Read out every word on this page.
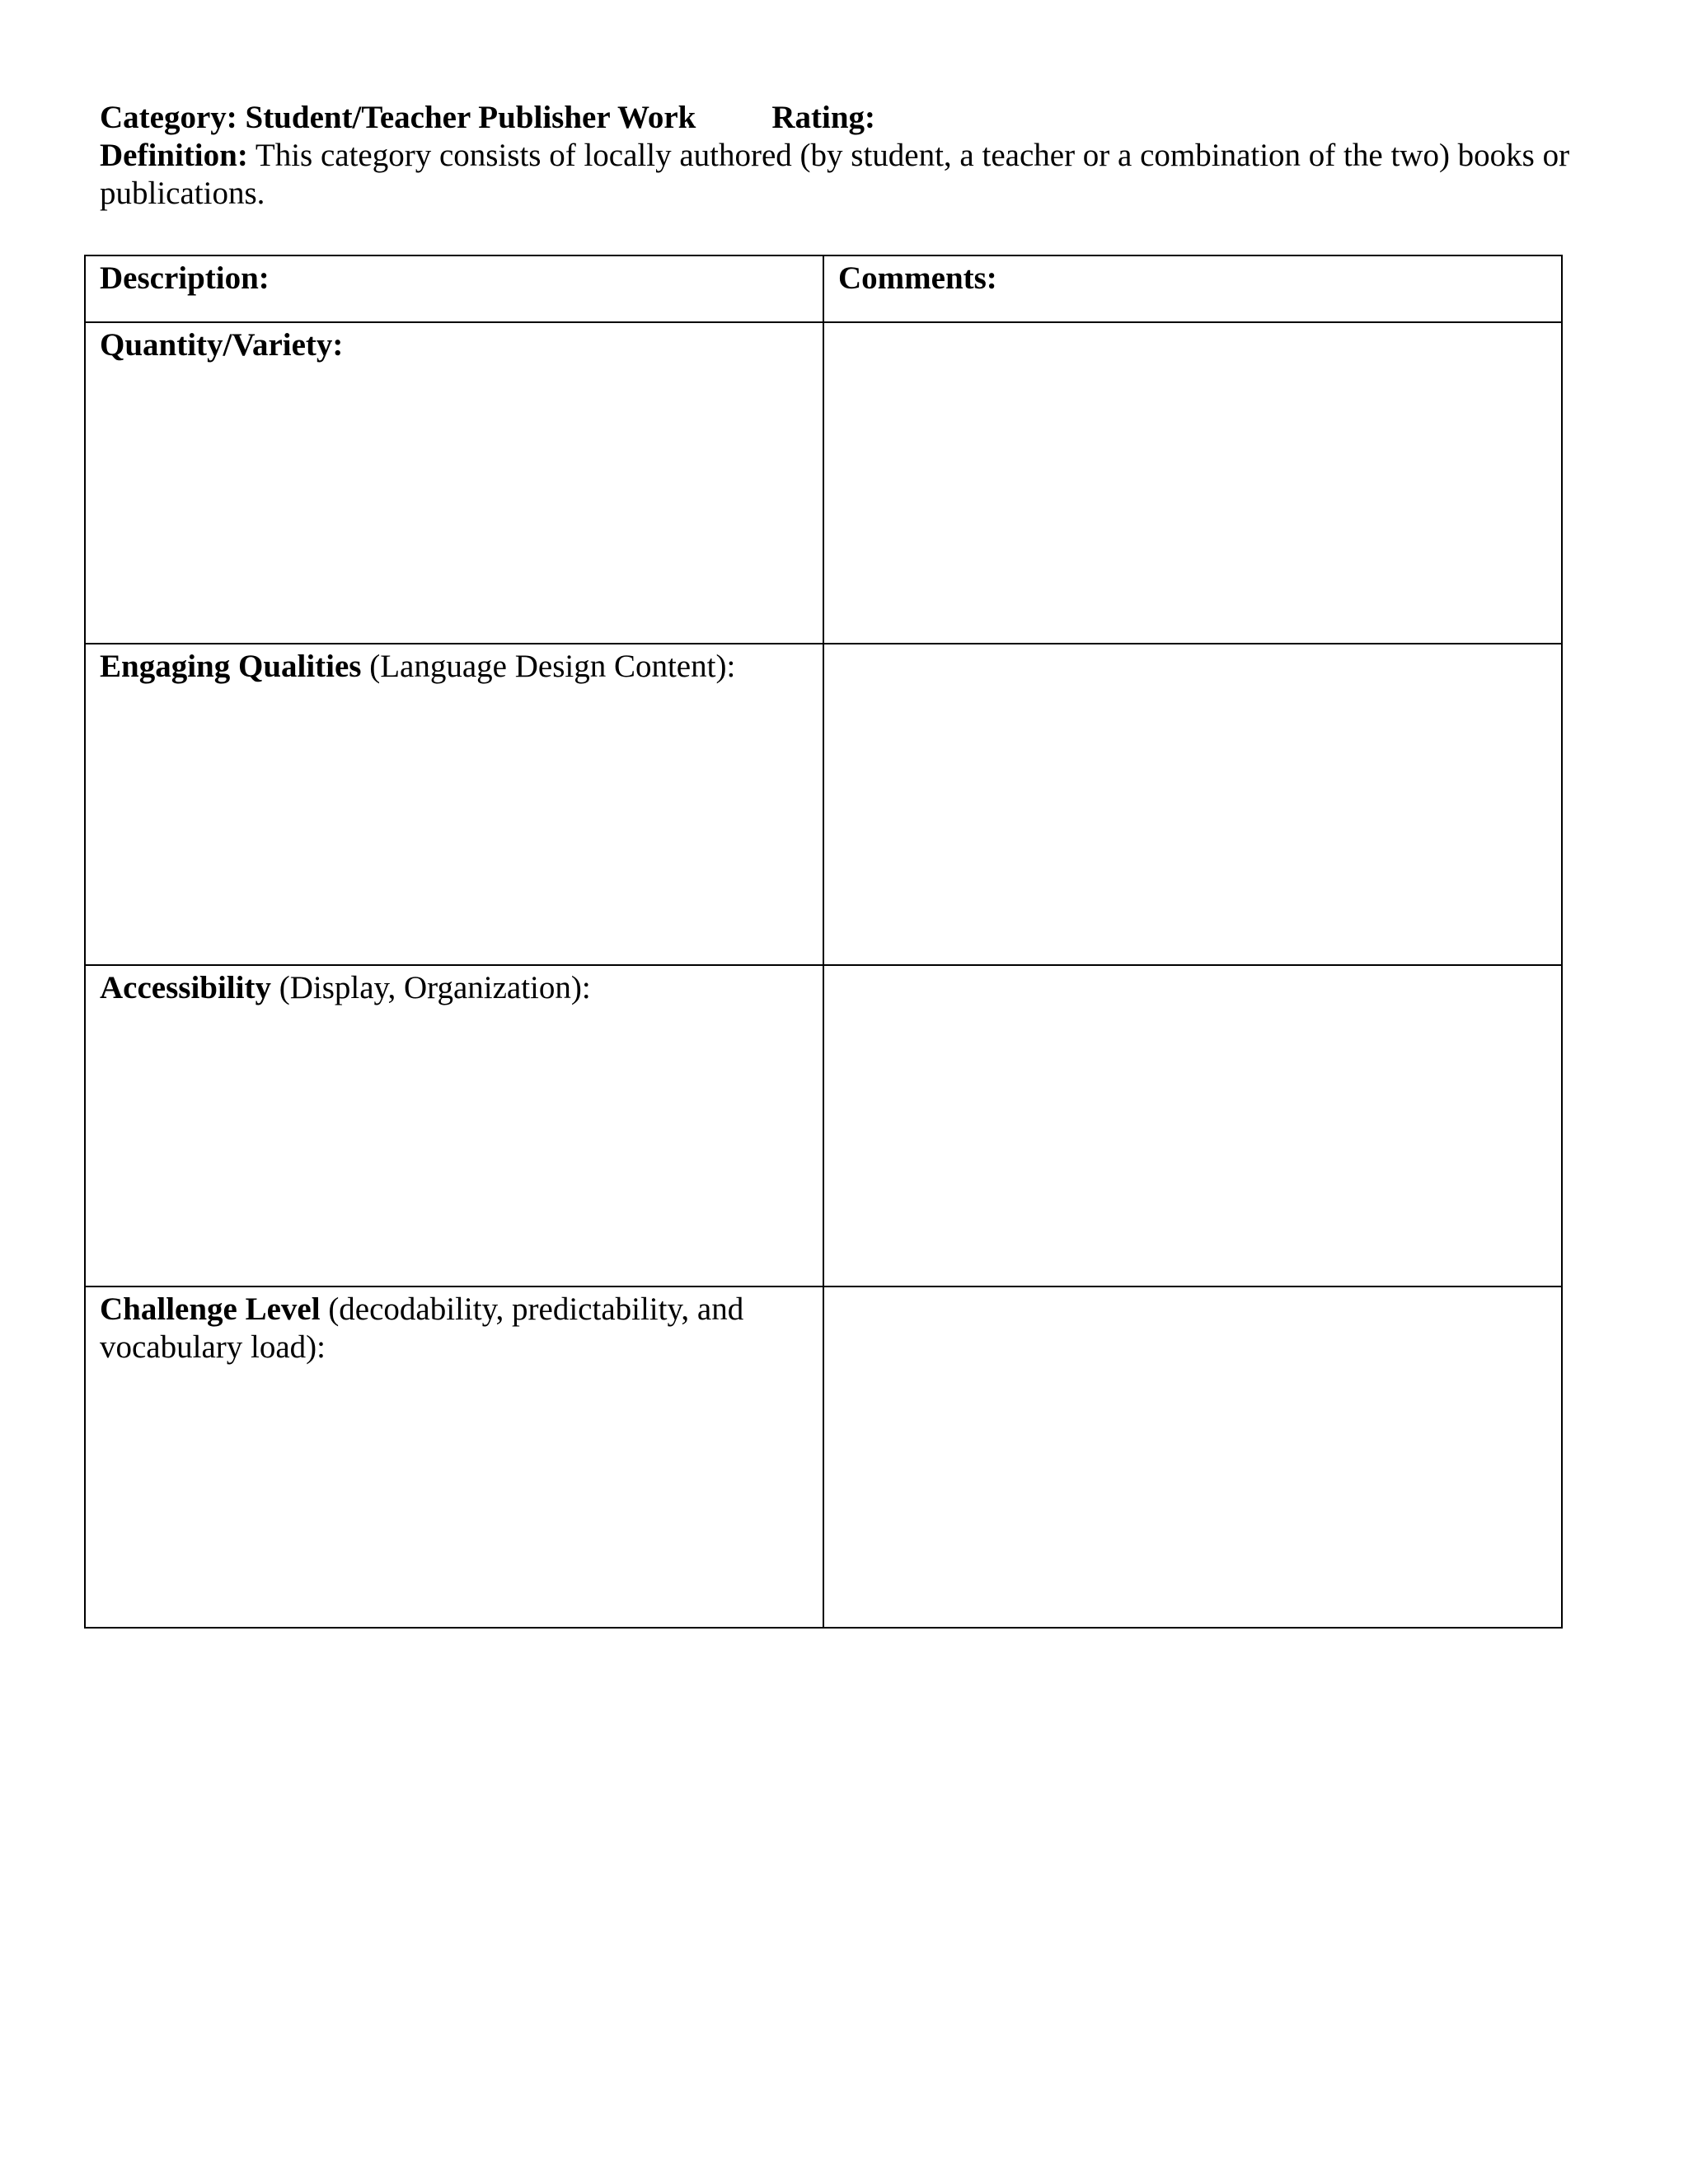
Category: Student/Teacher Publisher Work Rating:
Definition: This category consists of locally authored (by student, a teacher or a combination of the two) books or publications.
Description:	Comments:
Quantity/Variety:	
Engaging Qualities (Language Design Content):	
Accessibility (Display, Organization):	
Challenge Level (decodability, predictability, and vocabulary load):	
